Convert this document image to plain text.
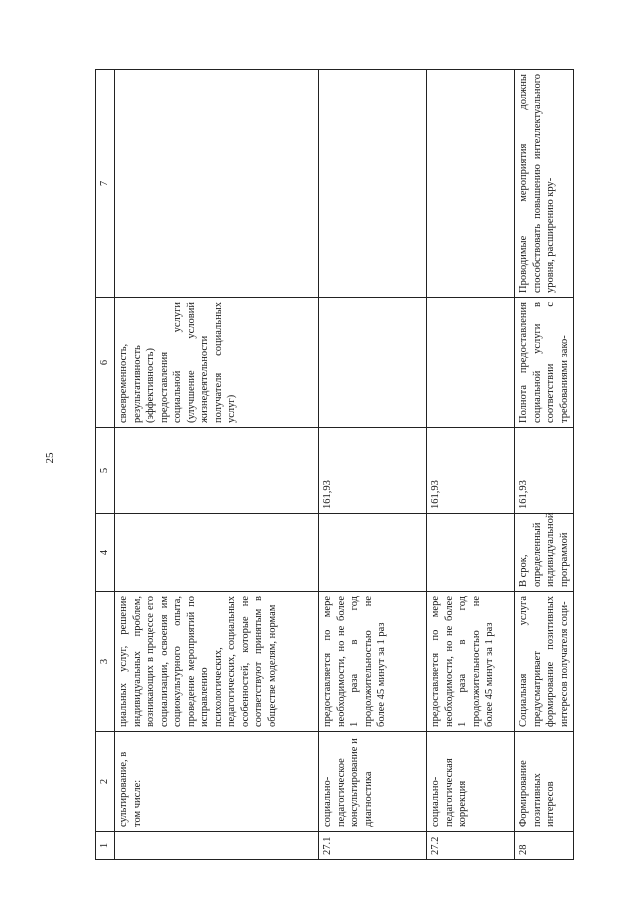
25
1	2	3	4	5	6	7
	сультирование, в том числе:	циальных услуг, решение индивидуальных проблем, возникающих в процессе его социализации, освоения им социокультурного опыта, проведение мероприятий по исправлению психологических, педагогических, социальных особенностей, которые не соответствуют принятым в обществе моделям, нормам			своевременность, результативность (эффективность) предоставления социальной услуги (улучшение условий жизнедеятельности получателя социальных услуг)	
27.1	социально-педагогическое консультирование и диагностика	предоставляется по мере необходимости, но не более 1 раза в год продолжительностью не более 45 минут за 1 раз		161,93		
27.2	социально-педагогическая коррекция	предоставляется по мере необходимости, но не более 1 раза в год продолжительностью не более 45 минут за 1 раз		161,93		
28	Формирование позитивных интересов	Социальная услуга предусматривает формирование позитивных интересов получателя соци-	В срок, определенный индивидуальной программой	161,93	Полнота предоставления социальной услуги в соответствии с требованиями зако-	Проводимые мероприятия должны способствовать повышению интеллектуального уровня, расширению кру-
